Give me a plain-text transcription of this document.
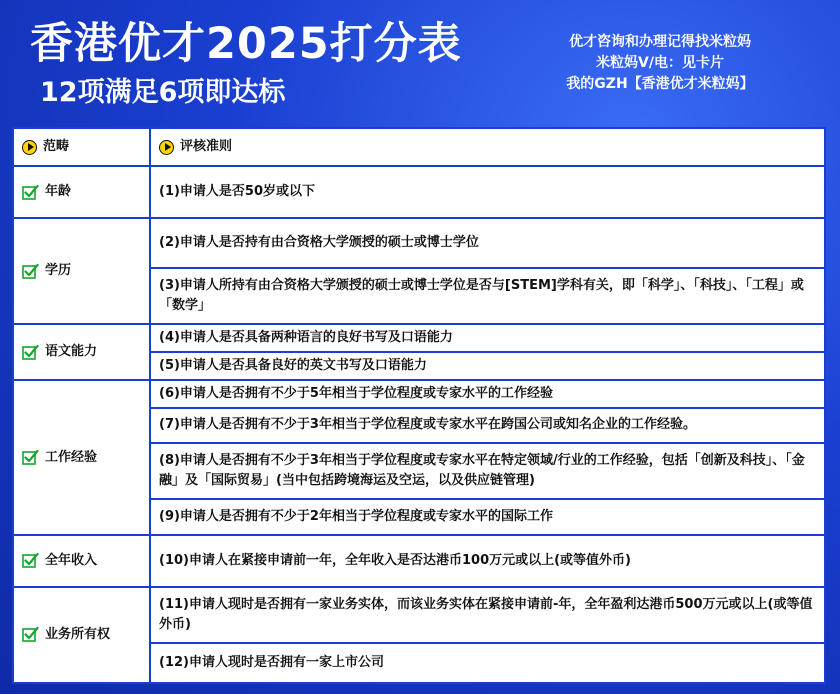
香港优才2025打分表
12项满足6项即达标
优才咨询和办理记得找米粒妈
米粒妈V/电：见卡片
我的GZH【香港优才米粒妈】
范畴	评核准则

年龄	(1)申请人是否50岁或以下

学历	(2)申请人是否持有由合资格大学颁授的硕士或博士学位
	(3)申请人所持有由合资格大学颁授的硕士或博士学位是否与[STEM]学科有关，即「科学」、「科技」、「工程」或「数学」

语文能力	(4)申请人是否具备两种语言的良好书写及口语能力
	(5)申请人是否具备良好的英文书写及口语能力

工作经验	(6)申请人是否拥有不少于5年相当于学位程度或专家水平的工作经验
	(7)申请人是否拥有不少于3年相当于学位程度或专家水平在跨国公司或知名企业的工作经验。
	(8)申请人是否拥有不少于3年相当于学位程度或专家水平在特定领域/行业的工作经验，包括「创新及科技」、「金融」及「国际贸易」(当中包括跨境海运及空运，以及供应链管理)
	(9)申请人是否拥有不少于2年相当于学位程度或专家水平的国际工作

全年收入	(10)申请人在紧接申请前一年，全年收入是否达港币100万元或以上(或等值外币)

业务所有权	(11)申请人现时是否拥有一家业务实体，而该业务实体在紧接申请前-年，全年盈利达港币500万元或以上(或等值外币)
	(12)申请人现时是否拥有一家上市公司
